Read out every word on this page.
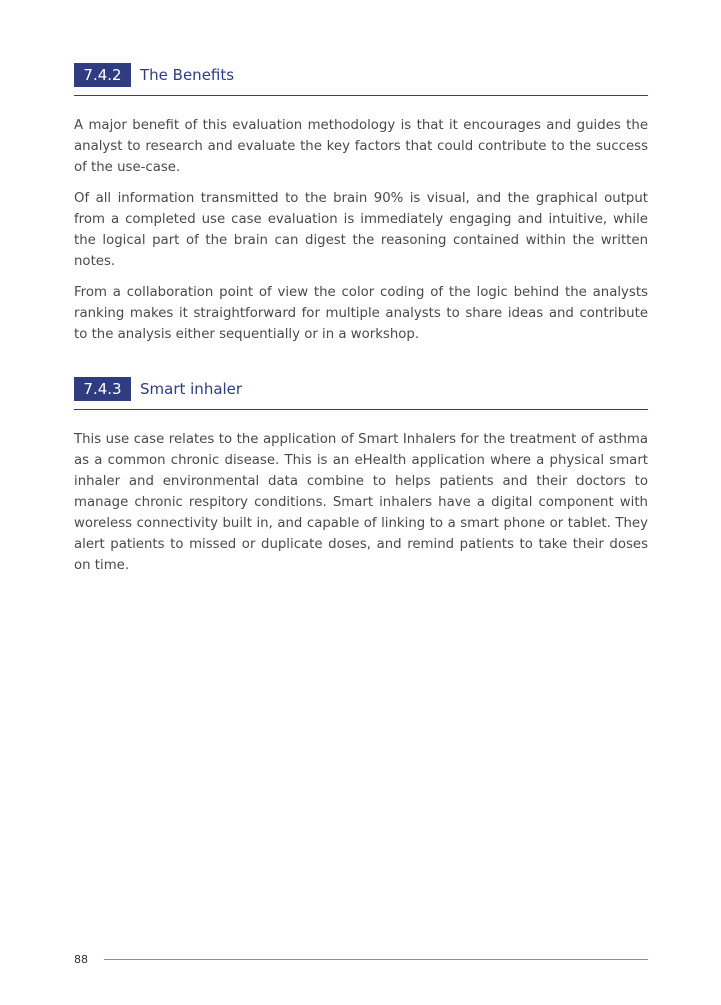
7.4.2	The Benefits

A major benefit of this evaluation methodology is that it encourages and guides the analyst to research and evaluate the key factors that could contribute to the success of the use-case.

Of all information transmitted to the brain 90% is visual, and the graphical output from a completed use case evaluation is immediately engaging and intuitive, while the logical part of the brain can digest the reasoning contained within the written notes.

From a collaboration point of view the color coding of the logic behind the analysts ranking makes it straightforward for multiple analysts to share ideas and contribute to the analysis either sequentially or in a workshop.

7.4.3	Smart inhaler

This use case relates to the application of Smart Inhalers for the treatment of asthma as a common chronic disease. This is an eHealth application where a physical smart inhaler and environmental data combine to helps patients and their doctors to manage chronic respitory conditions. Smart inhalers have a digital component with woreless connectivity built in, and capable of linking to a smart phone or tablet. They alert patients to missed or duplicate doses, and remind patients to take their doses on time.

88
